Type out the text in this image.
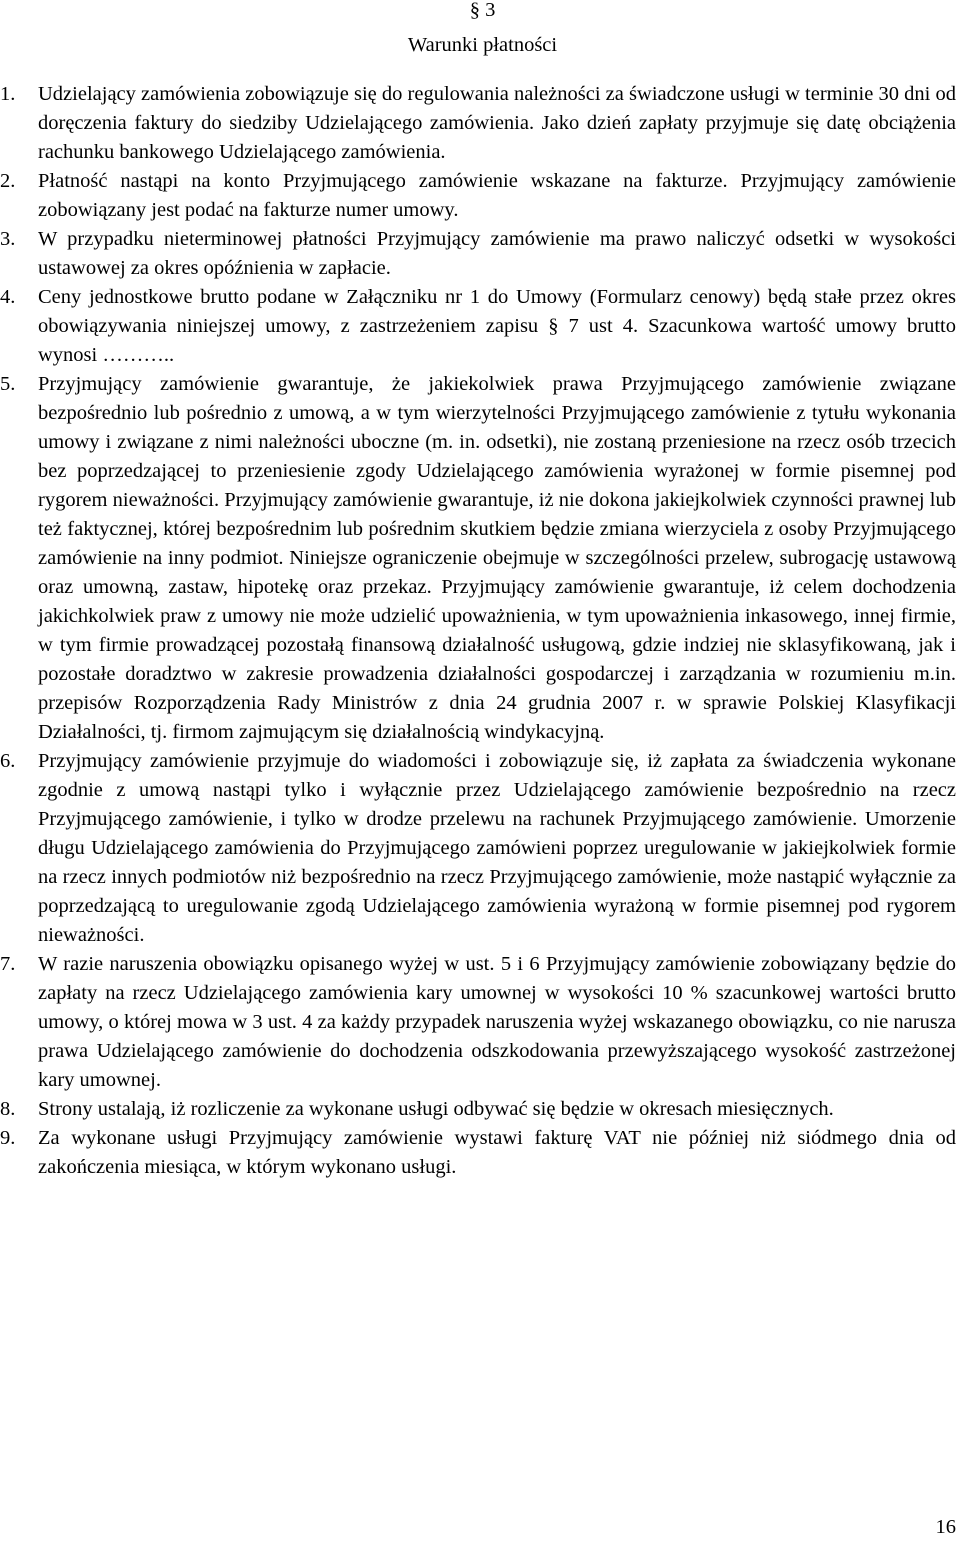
§ 3
Warunki płatności
1.	Udzielający zamówienia zobowiązuje się do regulowania należności za świadczone usługi w terminie 30 dni od doręczenia faktury do siedziby Udzielającego zamówienia. Jako dzień zapłaty przyjmuje się datę obciążenia rachunku bankowego Udzielającego zamówienia.
2.	Płatność nastąpi na konto Przyjmującego zamówienie wskazane na fakturze. Przyjmujący zamówienie zobowiązany jest podać na fakturze numer umowy.
3.	W przypadku nieterminowej płatności Przyjmujący zamówienie ma prawo naliczyć odsetki w wysokości ustawowej za okres opóźnienia w zapłacie.
4.	Ceny jednostkowe brutto podane w Załączniku nr 1 do Umowy (Formularz cenowy) będą stałe przez okres obowiązywania niniejszej umowy, z zastrzeżeniem zapisu § 7 ust 4. Szacunkowa wartość umowy brutto wynosi ………..
5.	Przyjmujący zamówienie gwarantuje, że jakiekolwiek prawa Przyjmującego zamówienie związane bezpośrednio lub pośrednio z umową, a w tym wierzytelności Przyjmującego zamówienie z tytułu wykonania umowy i związane z nimi należności uboczne (m. in. odsetki), nie zostaną przeniesione na rzecz osób trzecich bez poprzedzającej to przeniesienie zgody Udzielającego zamówienia wyrażonej w formie pisemnej pod rygorem nieważności. Przyjmujący zamówienie gwarantuje, iż nie dokona jakiejkolwiek czynności prawnej lub też faktycznej, której bezpośrednim lub pośrednim skutkiem będzie zmiana wierzyciela z osoby Przyjmującego zamówienie na inny podmiot. Niniejsze ograniczenie obejmuje w szczególności przelew, subrogację ustawową oraz umowną, zastaw, hipotekę oraz przekaz. Przyjmujący zamówienie gwarantuje, iż celem dochodzenia jakichkolwiek praw z umowy nie może udzielić upoważnienia, w tym upoważnienia inkasowego, innej firmie, w tym firmie prowadzącej pozostałą finansową działalność usługową, gdzie indziej nie sklasyfikowaną, jak i pozostałe doradztwo w zakresie prowadzenia działalności gospodarczej i zarządzania w rozumieniu m.in. przepisów Rozporządzenia Rady Ministrów z dnia 24 grudnia 2007 r. w sprawie Polskiej Klasyfikacji Działalności, tj. firmom zajmującym się działalnością windykacyjną.
6.	Przyjmujący zamówienie przyjmuje do wiadomości i zobowiązuje się, iż zapłata za świadczenia wykonane zgodnie z umową nastąpi tylko i wyłącznie przez Udzielającego zamówienie bezpośrednio na rzecz Przyjmującego zamówienie, i tylko w drodze przelewu na rachunek Przyjmującego zamówienie. Umorzenie długu Udzielającego zamówienia do Przyjmującego zamówieni poprzez uregulowanie w jakiejkolwiek formie na rzecz innych podmiotów niż bezpośrednio na rzecz Przyjmującego zamówienie, może nastąpić wyłącznie za poprzedzającą to uregulowanie zgodą Udzielającego zamówienia wyrażoną w formie pisemnej pod rygorem nieważności.
7.	W razie naruszenia obowiązku opisanego wyżej w ust. 5 i 6 Przyjmujący zamówienie zobowiązany będzie do zapłaty na rzecz Udzielającego zamówienia kary umownej w wysokości 10 % szacunkowej wartości brutto umowy, o której mowa w 3 ust. 4 za każdy przypadek naruszenia wyżej wskazanego obowiązku, co nie narusza prawa Udzielającego zamówienie do dochodzenia odszkodowania przewyższającego wysokość zastrzeżonej kary umownej.
8.	Strony ustalają, iż rozliczenie za wykonane usługi odbywać się będzie w okresach miesięcznych.
9.	Za wykonane usługi Przyjmujący zamówienie wystawi fakturę VAT nie później niż siódmego dnia od zakończenia miesiąca, w którym wykonano usługi.
16
